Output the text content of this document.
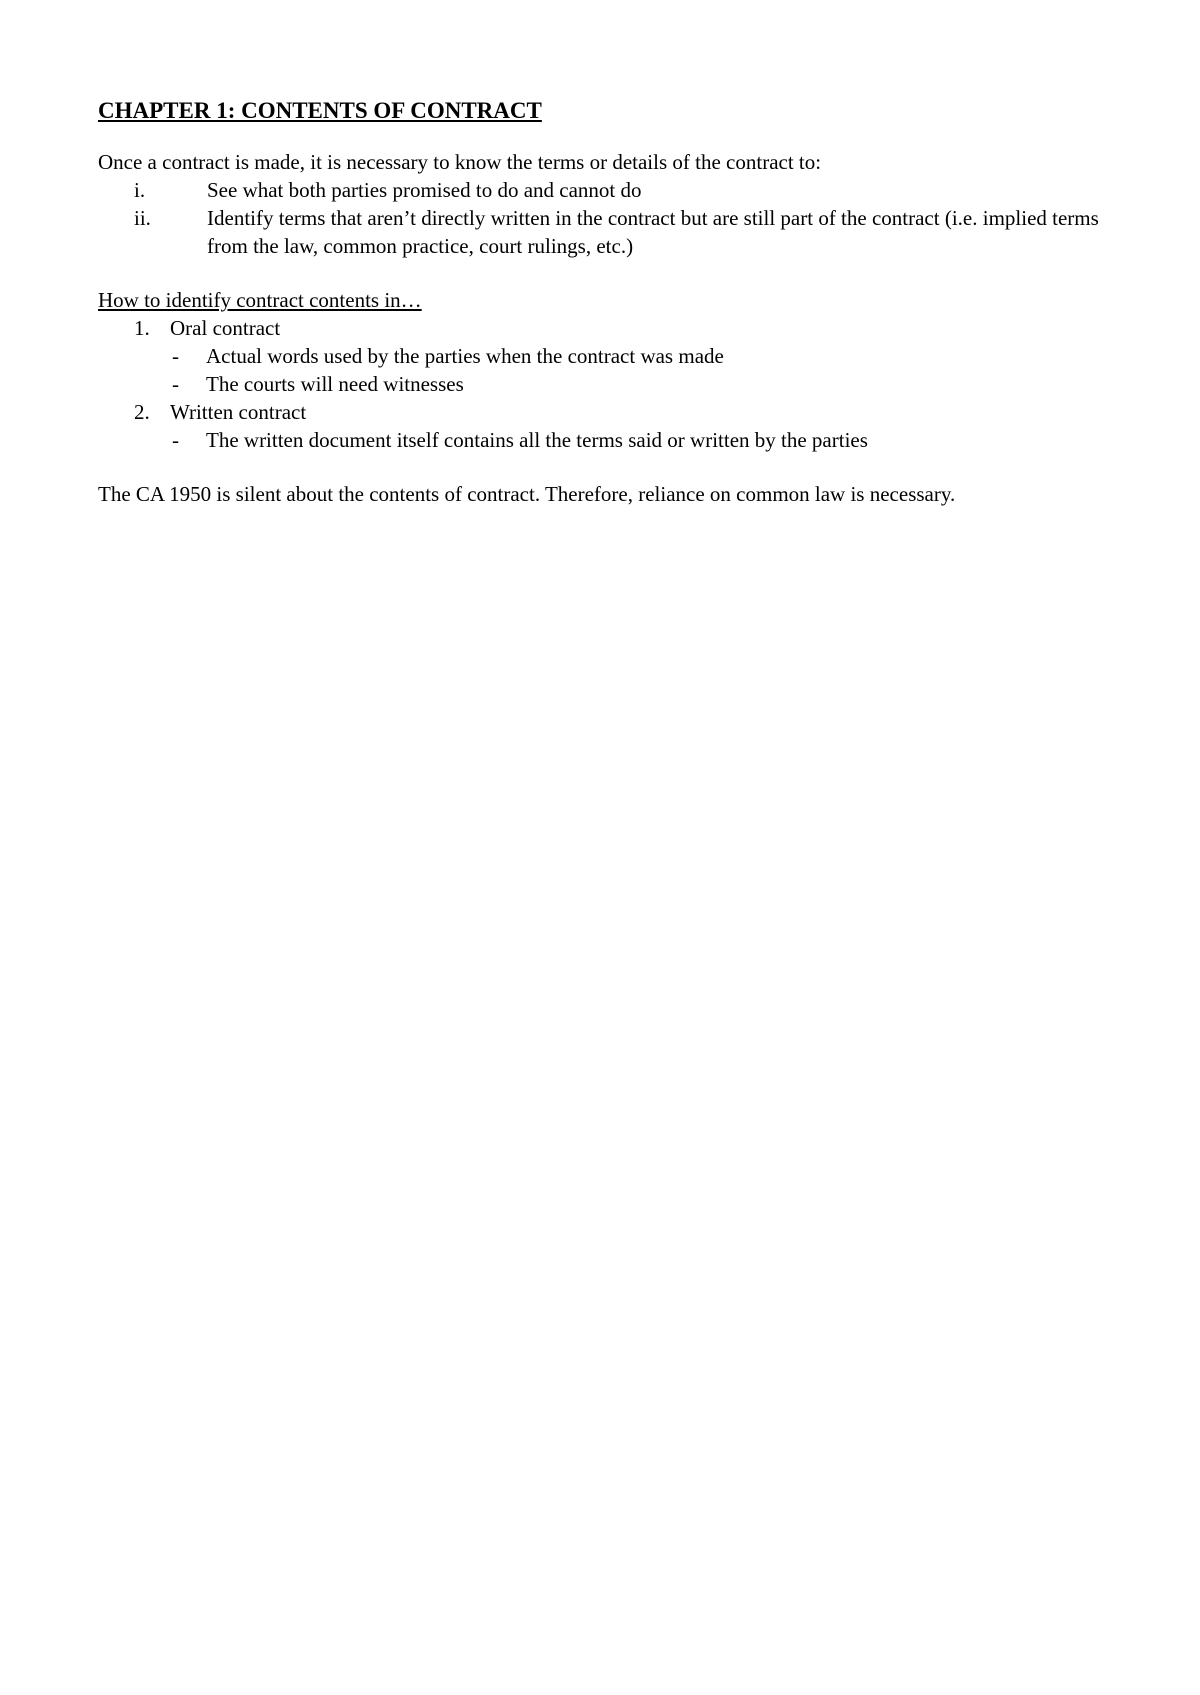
CHAPTER 1: CONTENTS OF CONTRACT

Once a contract is made, it is necessary to know the terms or details of the contract to:

i.	See what both parties promised to do and cannot do
ii.	Identify terms that aren’t directly written in the contract but are still part of the contract (i.e. implied terms from the law, common practice, court rulings, etc.)

How to identify contract contents in…

1. Oral contract
- Actual words used by the parties when the contract was made
- The courts will need witnesses
2. Written contract
- The written document itself contains all the terms said or written by the parties

The CA 1950 is silent about the contents of contract. Therefore, reliance on common law is necessary.
